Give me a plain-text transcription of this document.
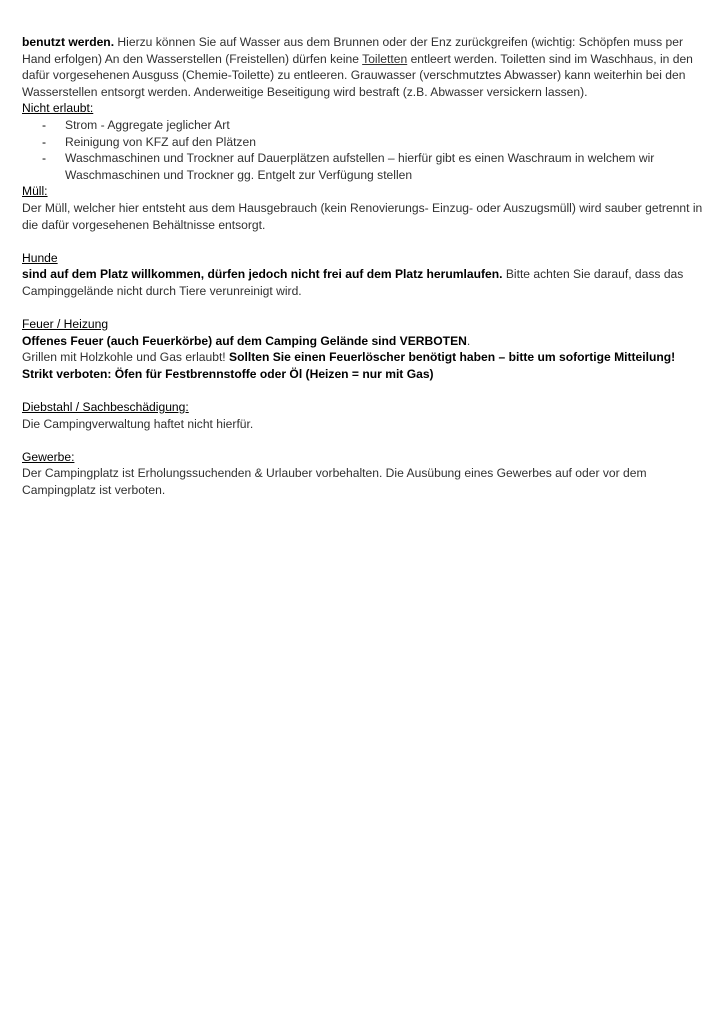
benutzt werden. Hierzu können Sie auf Wasser aus dem Brunnen oder der Enz zurückgreifen (wichtig: Schöpfen muss per Hand erfolgen) An den Wasserstellen (Freistellen) dürfen keine Toiletten entleert werden. Toiletten sind im Waschhaus, in den dafür vorgesehenen Ausguss (Chemie-Toilette) zu entleeren. Grauwasser (verschmutztes Abwasser) kann weiterhin bei den Wasserstellen entsorgt werden. Anderweitige Beseitigung wird bestraft (z.B. Abwasser versickern lassen).

Nicht erlaubt:

- Strom - Aggregate jeglicher Art
- Reinigung von KFZ auf den Plätzen
- Waschmaschinen und Trockner auf Dauerplätzen aufstellen – hierfür gibt es einen Waschraum in welchem wir Waschmaschinen und Trockner gg. Entgelt zur Verfügung stellen

Müll:

Der Müll, welcher hier entsteht aus dem Hausgebrauch (kein Renovierungs- Einzug- oder Auszugsmüll) wird sauber getrennt in die dafür vorgesehenen Behältnisse entsorgt.

Hunde

sind auf dem Platz willkommen, dürfen jedoch nicht frei auf dem Platz herumlaufen. Bitte achten Sie darauf, dass das Campinggelände nicht durch Tiere verunreinigt wird.

Feuer / Heizung

Offenes Feuer (auch Feuerkörbe) auf dem Camping Gelände sind VERBOTEN.

Grillen mit Holzkohle und Gas erlaubt! Sollten Sie einen Feuerlöscher benötigt haben – bitte um sofortige Mitteilung! Strikt verboten: Öfen für Festbrennstoffe oder Öl (Heizen = nur mit Gas)

Diebstahl / Sachbeschädigung:

Die Campingverwaltung haftet nicht hierfür.

Gewerbe:

Der Campingplatz ist Erholungssuchenden & Urlauber vorbehalten. Die Ausübung eines Gewerbes auf oder vor dem Campingplatz ist verboten.
